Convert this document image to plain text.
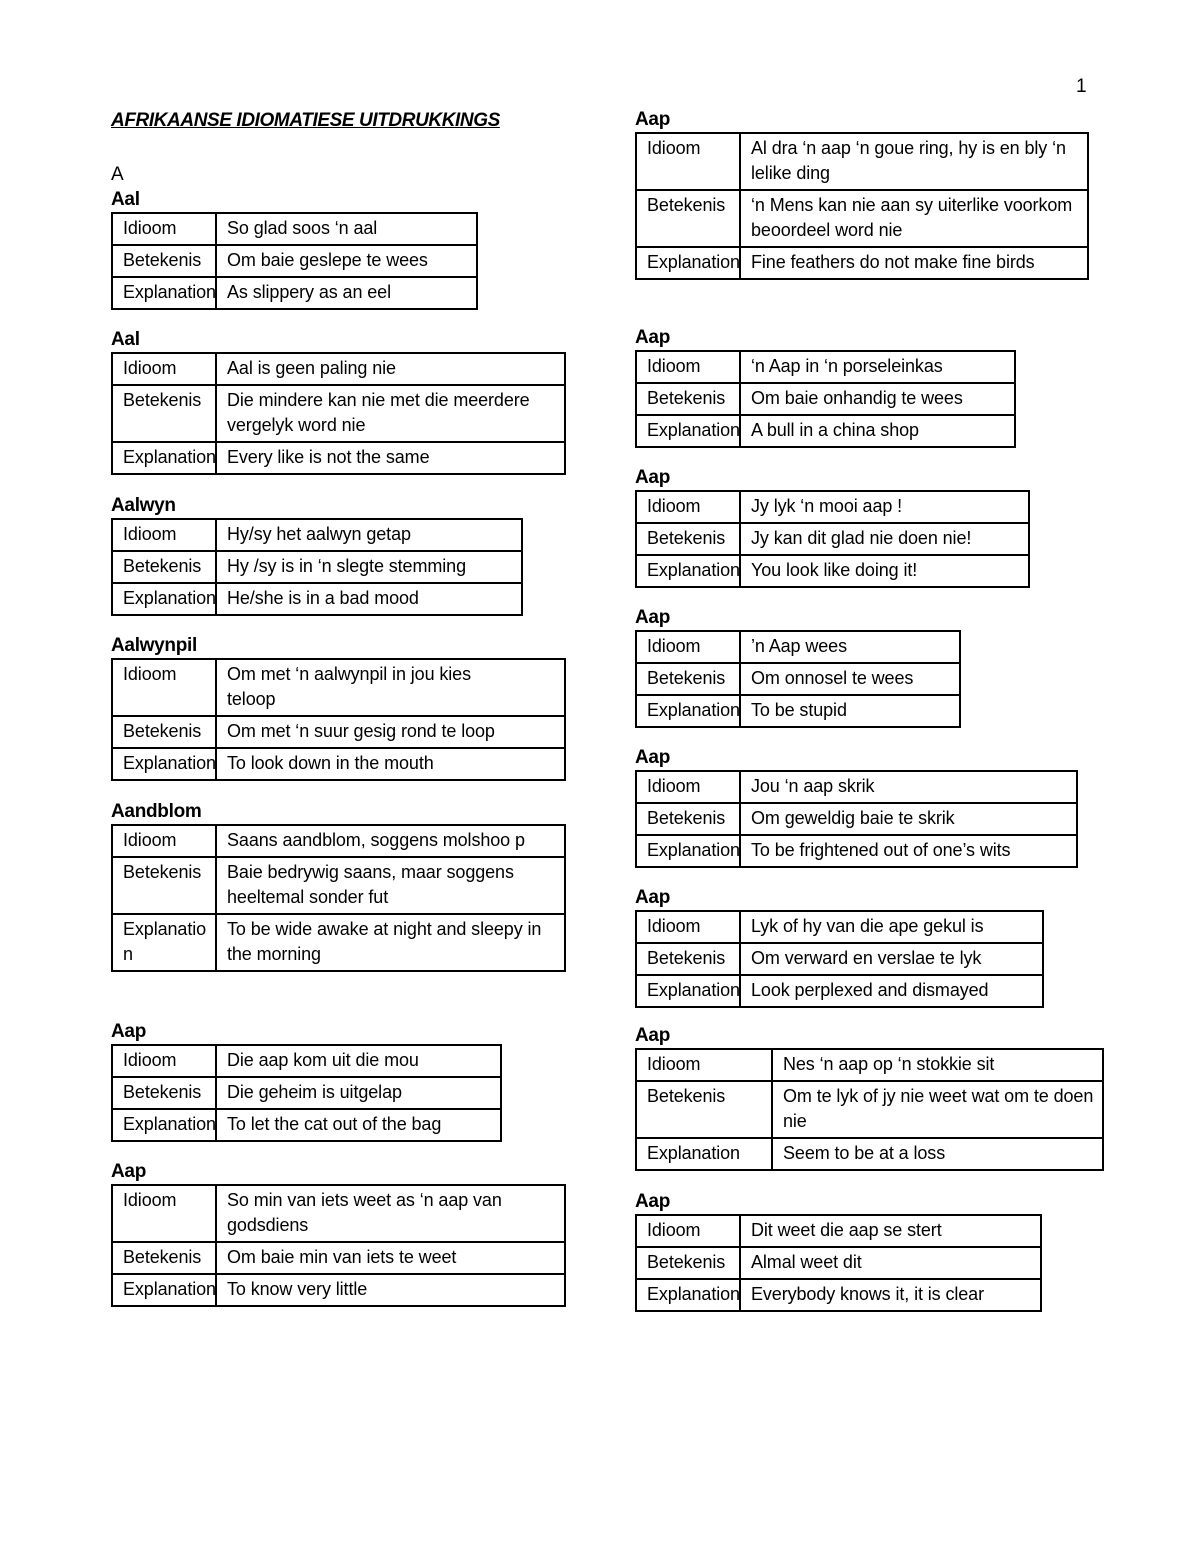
1
AFRIKAANSE IDIOMATIESE UITDRUKKINGS
A
Aal
Idioom	So glad soos ‘n aal
Betekenis	Om baie geslepe te wees
Explanation	As slippery as an eel
Aal
Idioom	Aal is geen paling nie
Betekenis	Die mindere kan nie met die meerdere vergelyk word nie
Explanation	Every like is not the same
Aalwyn
Idioom	Hy/sy het aalwyn getap
Betekenis	Hy /sy is in ‘n slegte stemming
Explanation	He/she is in a bad mood
Aalwynpil
Idioom	Om met ‘n aalwynpil in jou kies teloop
Betekenis	Om met ‘n suur gesig rond te loop
Explanation	To look down in the mouth
Aandblom
Idioom	Saans aandblom, soggens molshoo p
Betekenis	Baie bedrywig saans, maar soggens heeltemal sonder fut
Explanatio n	To be wide awake at night and sleepy in the morning
Aap
Idioom	Die aap kom uit die mou
Betekenis	Die geheim is uitgelap
Explanation	To let the cat out of the bag
Aap
Idioom	So min van iets weet as ‘n aap van godsdiens
Betekenis	Om baie min van iets te weet
Explanation	To know very little
Aap
Idioom	Al dra ‘n aap ‘n goue ring, hy is en bly ‘n lelike ding
Betekenis	‘n Mens kan nie aan sy uiterlike voorkom beoordeel word nie
Explanation	Fine feathers do not make fine birds
Aap
Idioom	‘n Aap in ‘n porseleinkas
Betekenis	Om baie onhandig te wees
Explanation	A bull in a china shop
Aap
Idioom	Jy lyk ‘n mooi aap !
Betekenis	Jy kan dit glad nie doen nie!
Explanation	You look like doing it!
Aap
Idioom	’n Aap wees
Betekenis	Om onnosel te wees
Explanation	To be stupid
Aap
Idioom	Jou ‘n aap skrik
Betekenis	Om geweldig baie te skrik
Explanation	To be frightened out of one’s wits
Aap
Idioom	Lyk of hy van die ape gekul is
Betekenis	Om verward en verslae te lyk
Explanation	Look perplexed and dismayed
Aap
Idioom	Nes ‘n aap op ‘n stokkie sit
Betekenis	Om te lyk of jy nie weet wat om te doen nie
Explanation	Seem to be at a loss
Aap
Idioom	Dit weet die aap se stert
Betekenis	Almal weet dit
Explanation	Everybody knows it, it is clear
